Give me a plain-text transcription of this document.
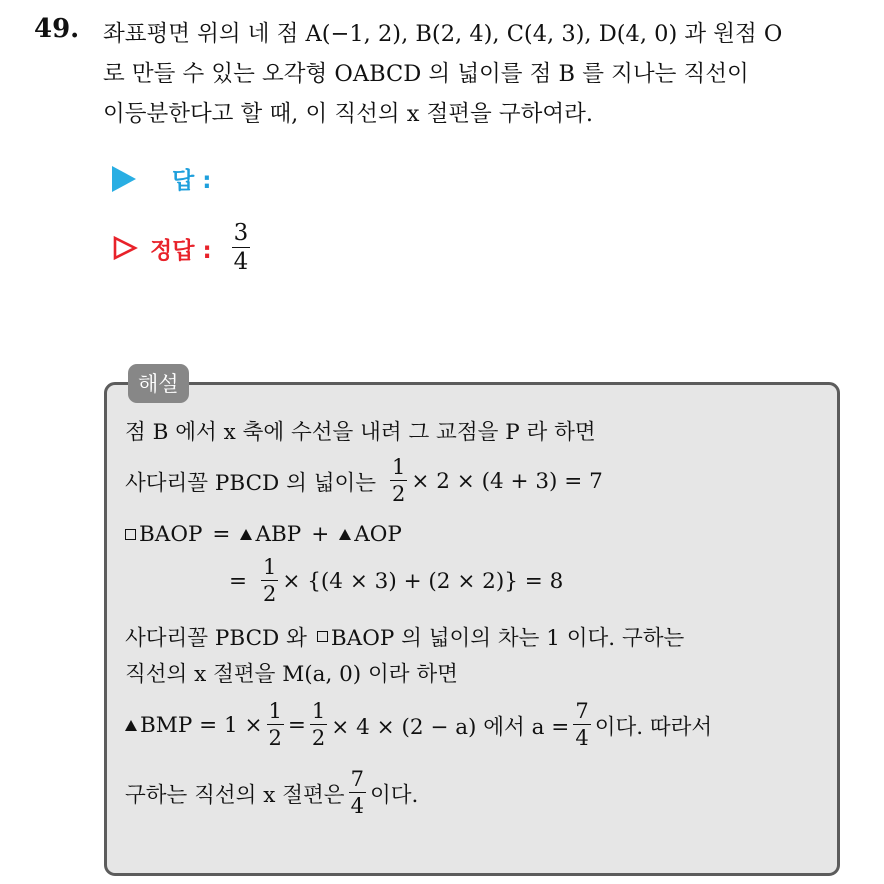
49. 좌표평면 위의 네 점 A(−1, 2), B(2, 4), C(4, 3), D(4, 0) 과 원점 O
로 만들 수 있는 오각형 OABCD 의 넓이를 점 B 를 지나는 직선이
이등분한다고 할 때, 이 직선의 x 절편을 구하여라.
답 :
정답 : $\frac{3}{4}$
해설
점 B 에서 x 축에 수선을 내려 그 교점을 P 라 하면
사다리꼴 PBCD 의 넓이는 $\frac{1}{2} \times 2 \times (4 + 3) = 7$
BAOP = ABP + AOP
= $\frac{1}{2} \times \{(4 \times 3) + (2 \times 2)\} = 8$
사다리꼴 PBCD 와 BAOP 의 넓이의 차는 1 이다. 구하는
직선의 x 절편을 M(a, 0) 이라 하면
BMP = $1 \times \frac{1}{2} = \frac{1}{2} \times 4 \times (2 - a)$ 에서 $a = \frac{7}{4}$ 이다. 따라서
구하는 직선의 x 절편은 $\frac{7}{4}$ 이다.
